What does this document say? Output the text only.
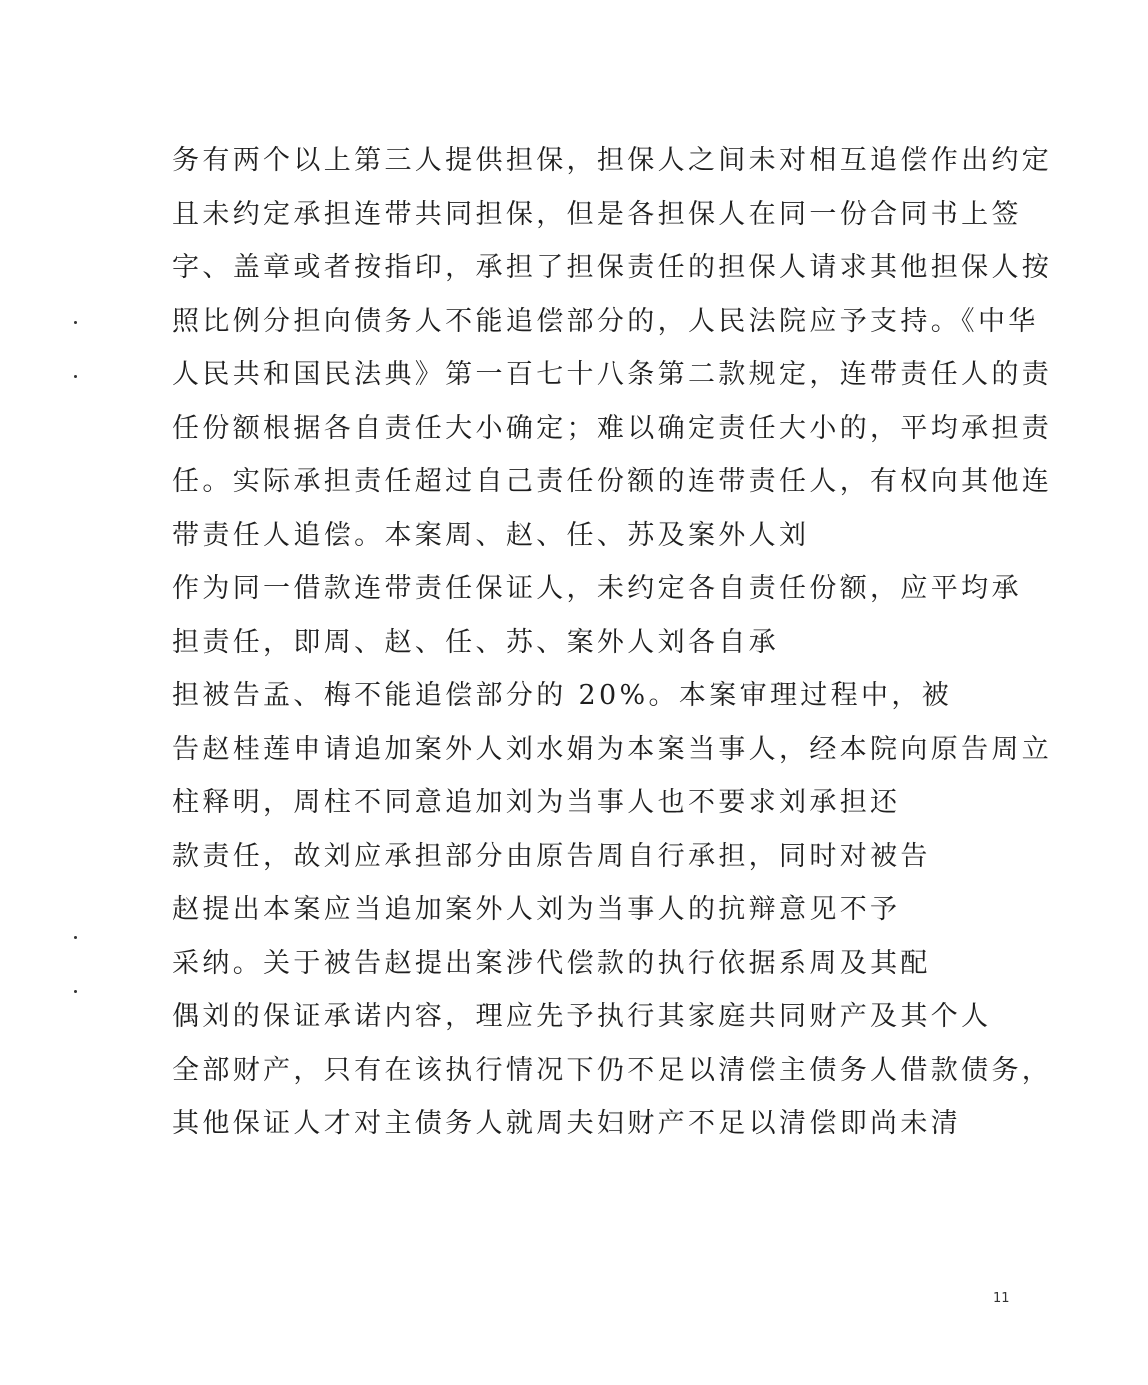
务有两个以上第三人提供担保，担保人之间未对相互追偿作出约定
且未约定承担连带共同担保，但是各担保人在同一份合同书上签
字、盖章或者按指印，承担了担保责任的担保人请求其他担保人按
照比例分担向债务人不能追偿部分的，人民法院应予支持。《中华
人民共和国民法典》第一百七十八条第二款规定，连带责任人的责
任份额根据各自责任大小确定；难以确定责任大小的，平均承担责
任。实际承担责任超过自己责任份额的连带责任人，有权向其他连
带责任人追偿。本案周、赵、任、苏及案外人刘
作为同一借款连带责任保证人，未约定各自责任份额，应平均承
担责任，即周、赵、任、苏、案外人刘各自承
担被告孟、梅不能追偿部分的 20%。本案审理过程中，被
告赵桂莲申请追加案外人刘水娟为本案当事人，经本院向原告周立
柱释明，周柱不同意追加刘为当事人也不要求刘承担还
款责任，故刘应承担部分由原告周自行承担，同时对被告
赵提出本案应当追加案外人刘为当事人的抗辩意见不予
采纳。关于被告赵提出案涉代偿款的执行依据系周及其配
偶刘的保证承诺内容，理应先予执行其家庭共同财产及其个人
全部财产，只有在该执行情况下仍不足以清偿主债务人借款债务，
其他保证人才对主债务人就周夫妇财产不足以清偿即尚未清
11
